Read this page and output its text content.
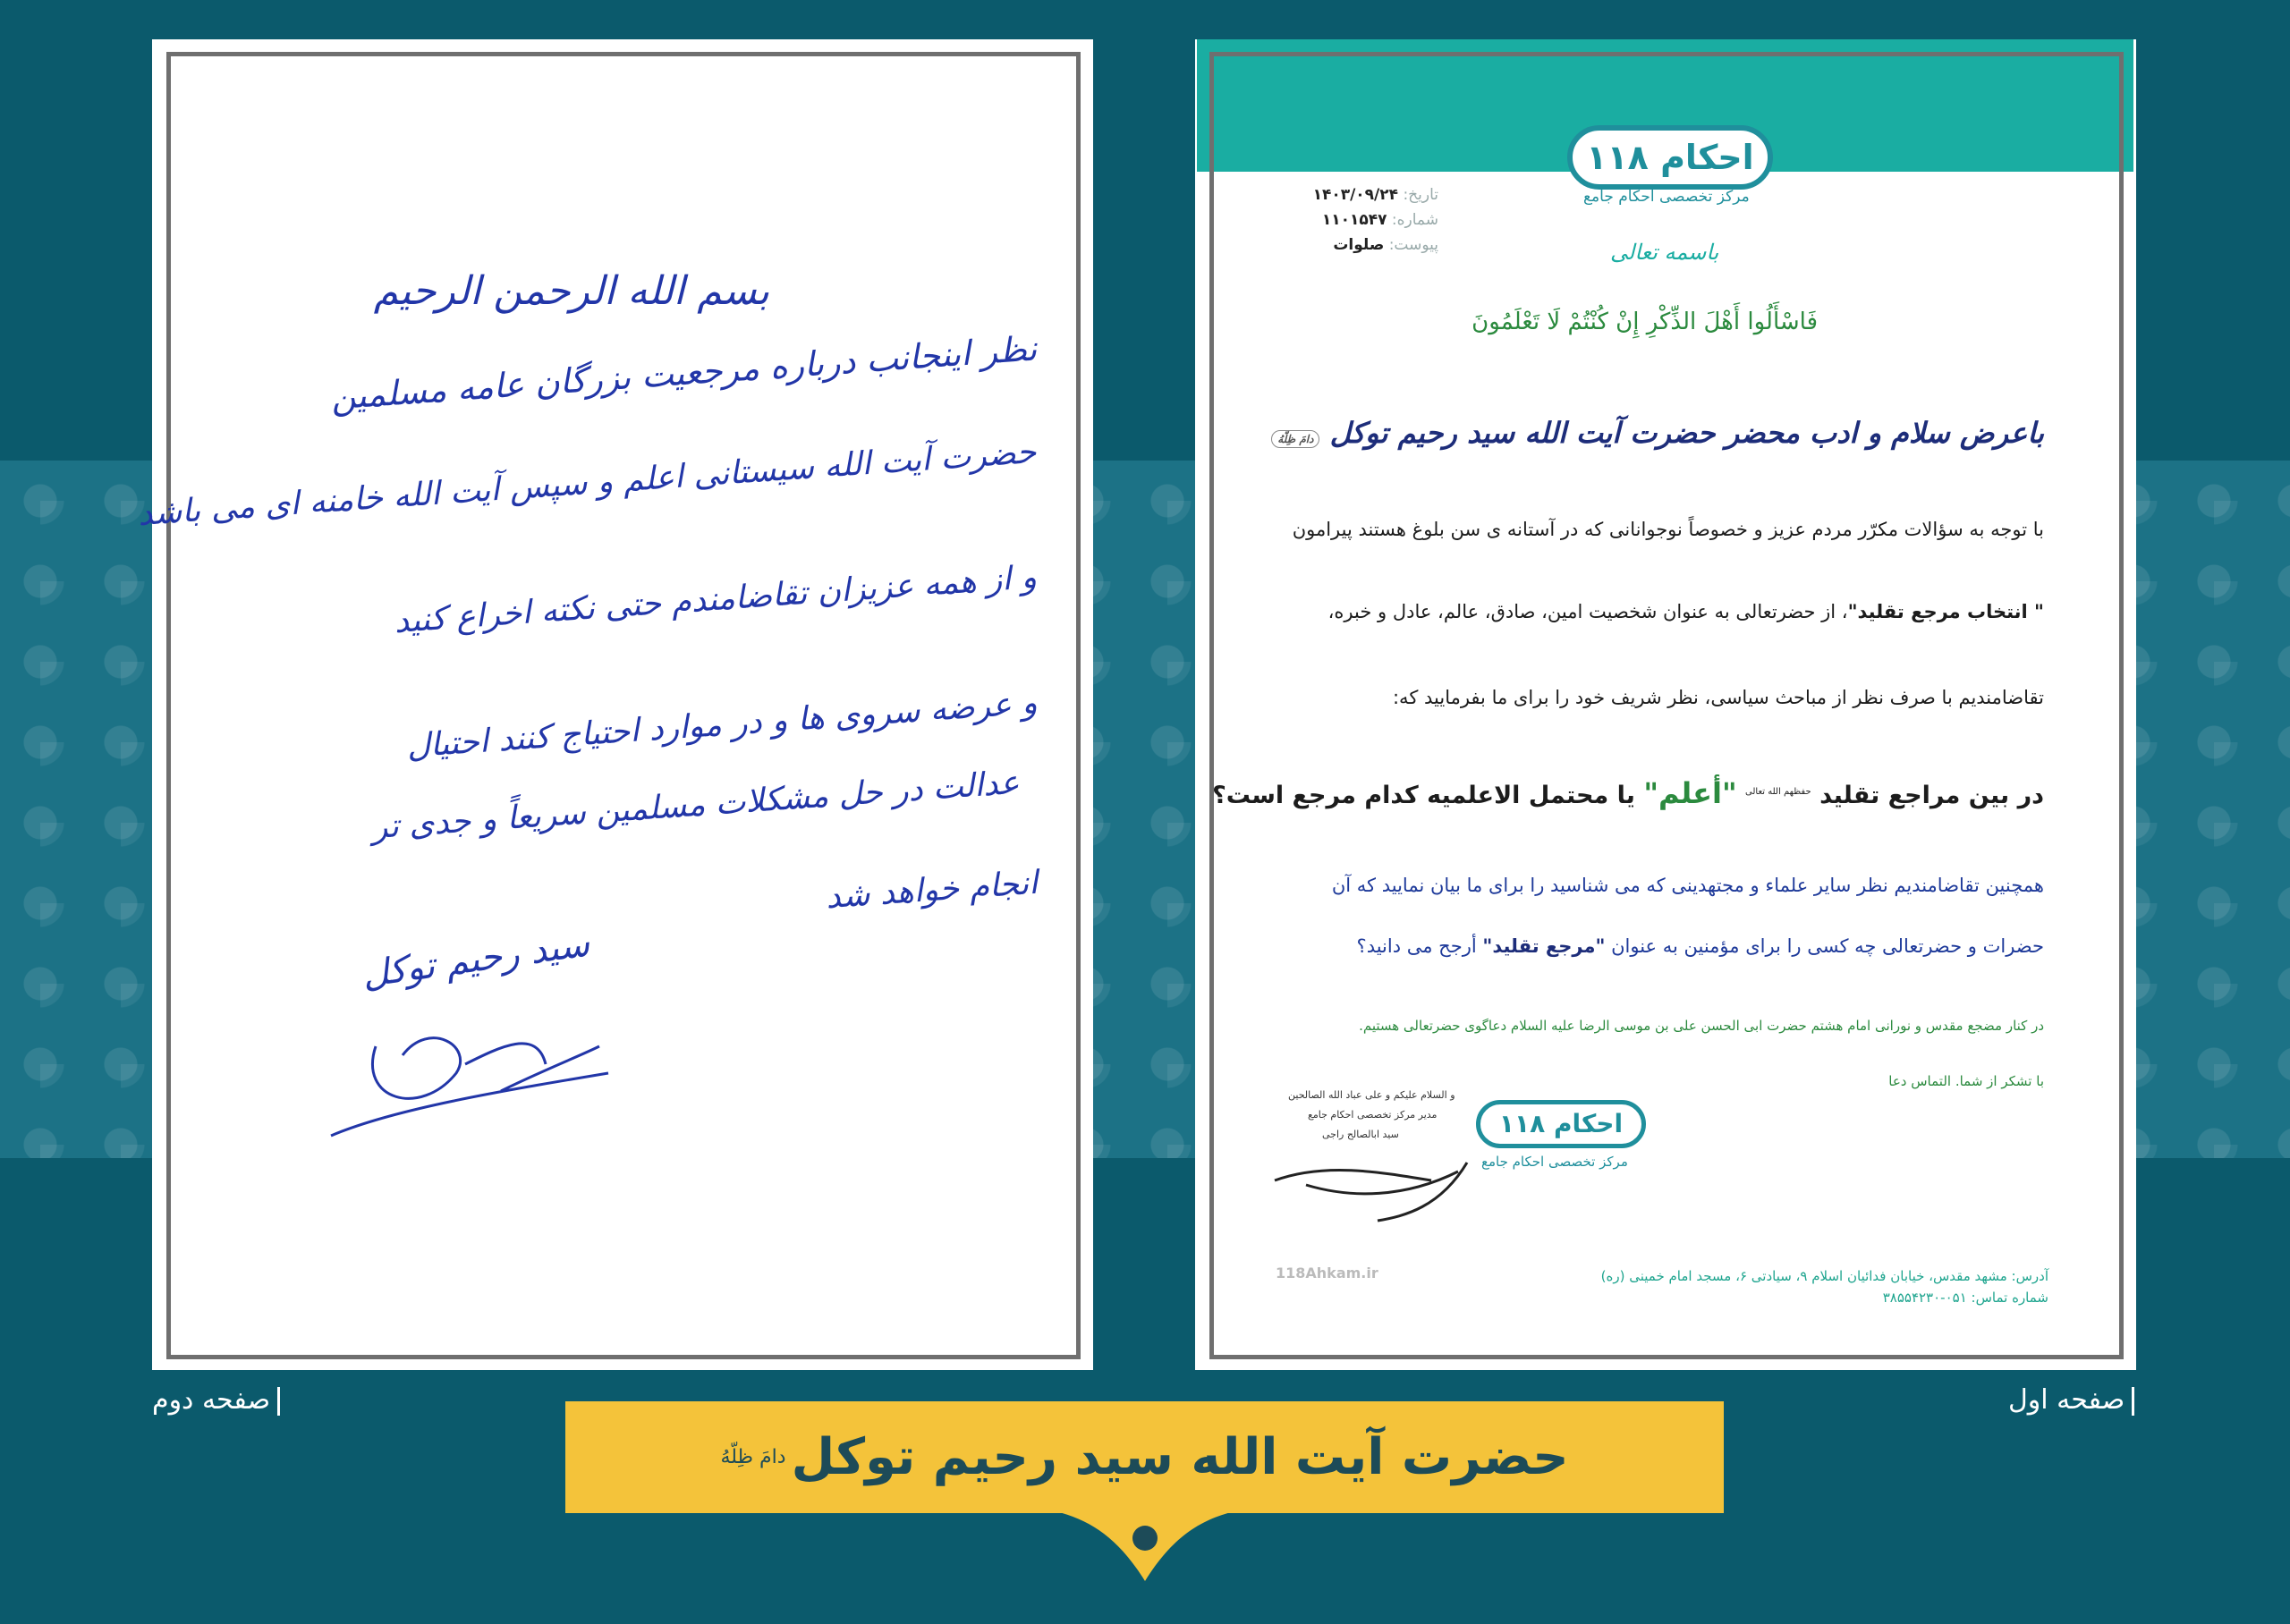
بسم الله الرحمن الرحیم
نظر اینجانب درباره مرجعیت بزرگان عامه مسلمین
حضرت آیت الله سیستانی اعلم و سپس آیت الله خامنه ای می باشد
و از همه عزیزان تقاضامندم حتی نکته اخراع کنید
و عرضه سروی ها و در موارد احتیاج کنند احتیال
عدالت در حل مشکلات مسلمین سریعاً و جدی تر
انجام خواهد شد
سید رحیم توکل
صفحه دوم
۱۱۸ احکام
مرکز تخصصی احکام جامع
باسمه تعالی
تاریخ: ۱۴۰۳/۰۹/۲۴
شماره: ۱۱۰۱۵۴۷
پیوست: صلوات
فَاسْأَلُوا أَهْلَ الذِّكْرِ إِنْ كُنْتُمْ لَا تَعْلَمُونَ
باعرض سلام و ادب محضر حضرت آیت الله سید رحیم توکل دامَ ظِلّهُ
با توجه به سؤالات مکرّر مردم عزیز و خصوصاً نوجوانانی که در آستانه ی سن بلوغ هستند پیرامون
" انتخاب مرجع تقلید"، از حضرتعالی به عنوان شخصیت امین، صادق، عالم، عادل و خبره،
تقاضامندیم با صرف نظر از مباحث سیاسی، نظر شریف خود را برای ما بفرمایید که:
در بین مراجع تقلید $^{حفظهم الله تعالی}$ "أعلم" یا محتمل الاعلمیه کدام مرجع است؟
همچنین تقاضامندیم نظر سایر علماء و مجتهدینی که می شناسید را برای ما بیان نمایید که آن
حضرات و حضرتعالی چه کسی را برای مؤمنین به عنوان "مرجع تقلید" أرجح می دانید؟
در کنار مضجع مقدس و نورانی امام هشتم حضرت ابی الحسن علی بن موسی الرضا علیه السلام دعاگوی حضرتعالی هستیم.
با تشکر از شما. التماس دعا
و السلام علیکم و علی عباد الله الصالحین
مدیر مرکز تخصصی احکام جامع
سید ابالصالح راجی	۱۱۸ احکام
مرکز تخصصی احکام جامع
118Ahkam.ir	آدرس: مشهد مقدس، خیابان فدائیان اسلام ۹، سیادتی ۶، مسجد امام خمینی (ره)
شماره تماس: ۰۵۱-۳۸۵۵۴۲۳۰
صفحه اول
حضرت آیت الله سید رحیم توکل
دامَ ظِلّهُ
